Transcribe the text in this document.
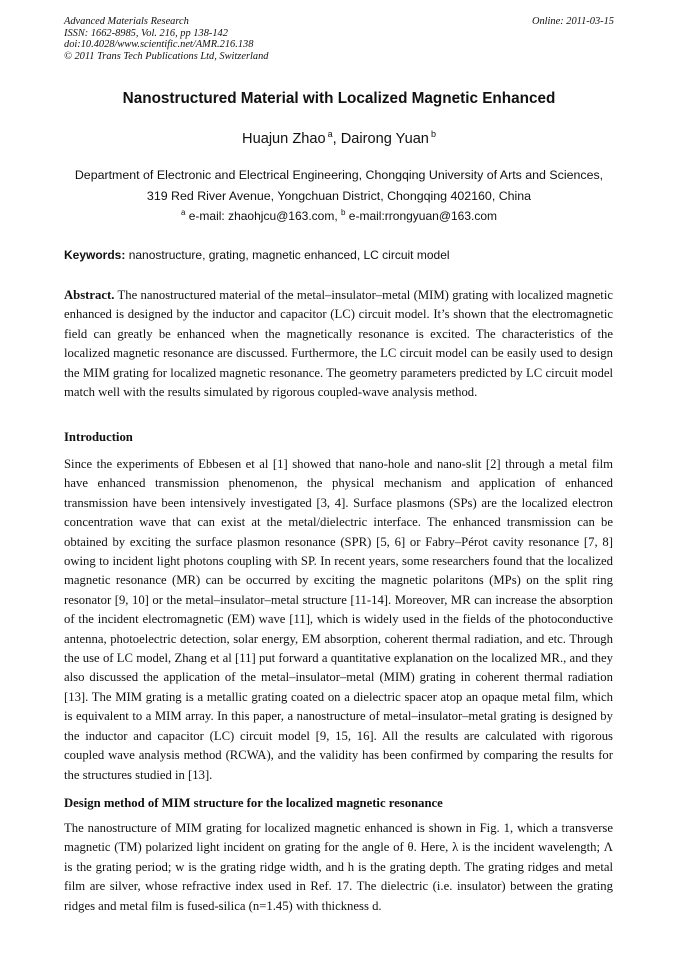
Advanced Materials Research
ISSN: 1662-8985, Vol. 216, pp 138-142
doi:10.4028/www.scientific.net/AMR.216.138
© 2011 Trans Tech Publications Ltd, Switzerland
Online: 2011-03-15
Nanostructured Material with Localized Magnetic Enhanced
Huajun Zhao $^a$, Dairong Yuan $^b$
Department of Electronic and Electrical Engineering, Chongqing University of Arts and Sciences,
319 Red River Avenue, Yongchuan District, Chongqing 402160, China
$^a$ e-mail: zhaohjcu@163.com, $^b$ e-mail:rrongyuan@163.com
Keywords: nanostructure, grating, magnetic enhanced, LC circuit model
Abstract. The nanostructured material of the metal–insulator–metal (MIM) grating with localized magnetic enhanced is designed by the inductor and capacitor (LC) circuit model. It’s shown that the electromagnetic field can greatly be enhanced when the magnetically resonance is excited. The characteristics of the localized magnetic resonance are discussed. Furthermore, the LC circuit model can be easily used to design the MIM grating for localized magnetic resonance. The geometry parameters predicted by LC circuit model match well with the results simulated by rigorous coupled-wave analysis method.
Introduction
Since the experiments of Ebbesen et al [1] showed that nano-hole and nano-slit [2] through a metal film have enhanced transmission phenomenon, the physical mechanism and application of enhanced transmission have been intensively investigated [3, 4]. Surface plasmons (SPs) are the localized electron concentration wave that can exist at the metal/dielectric interface. The enhanced transmission can be obtained by exciting the surface plasmon resonance (SPR) [5, 6] or Fabry–Pérot cavity resonance [7, 8] owing to incident light photons coupling with SP. In recent years, some researchers found that the localized magnetic resonance (MR) can be occurred by exciting the magnetic polaritons (MPs) on the split ring resonator [9, 10] or the metal–insulator–metal structure [11-14]. Moreover, MR can increase the absorption of the incident electromagnetic (EM) wave [11], which is widely used in the fields of the photoconductive antenna, photoelectric detection, solar energy, EM absorption, coherent thermal radiation, and etc. Through the use of LC model, Zhang et al [11] put forward a quantitative explanation on the localized MR., and they also discussed the application of the metal–insulator–metal (MIM) grating in coherent thermal radiation [13]. The MIM grating is a metallic grating coated on a dielectric spacer atop an opaque metal film, which is equivalent to a MIM array. In this paper, a nanostructure of metal–insulator–metal grating is designed by the inductor and capacitor (LC) circuit model [9, 15, 16]. All the results are calculated with rigorous coupled wave analysis method (RCWA), and the validity has been confirmed by comparing the results for the structures studied in [13].
Design method of MIM structure for the localized magnetic resonance
The nanostructure of MIM grating for localized magnetic enhanced is shown in Fig. 1, which a transverse magnetic (TM) polarized light incident on grating for the angle of θ. Here, λ is the incident wavelength; Λ is the grating period; w is the grating ridge width, and h is the grating depth. The grating ridges and metal film are silver, whose refractive index used in Ref. 17. The dielectric (i.e. insulator) between the grating ridges and metal film is fused-silica (n=1.45) with thickness d.
